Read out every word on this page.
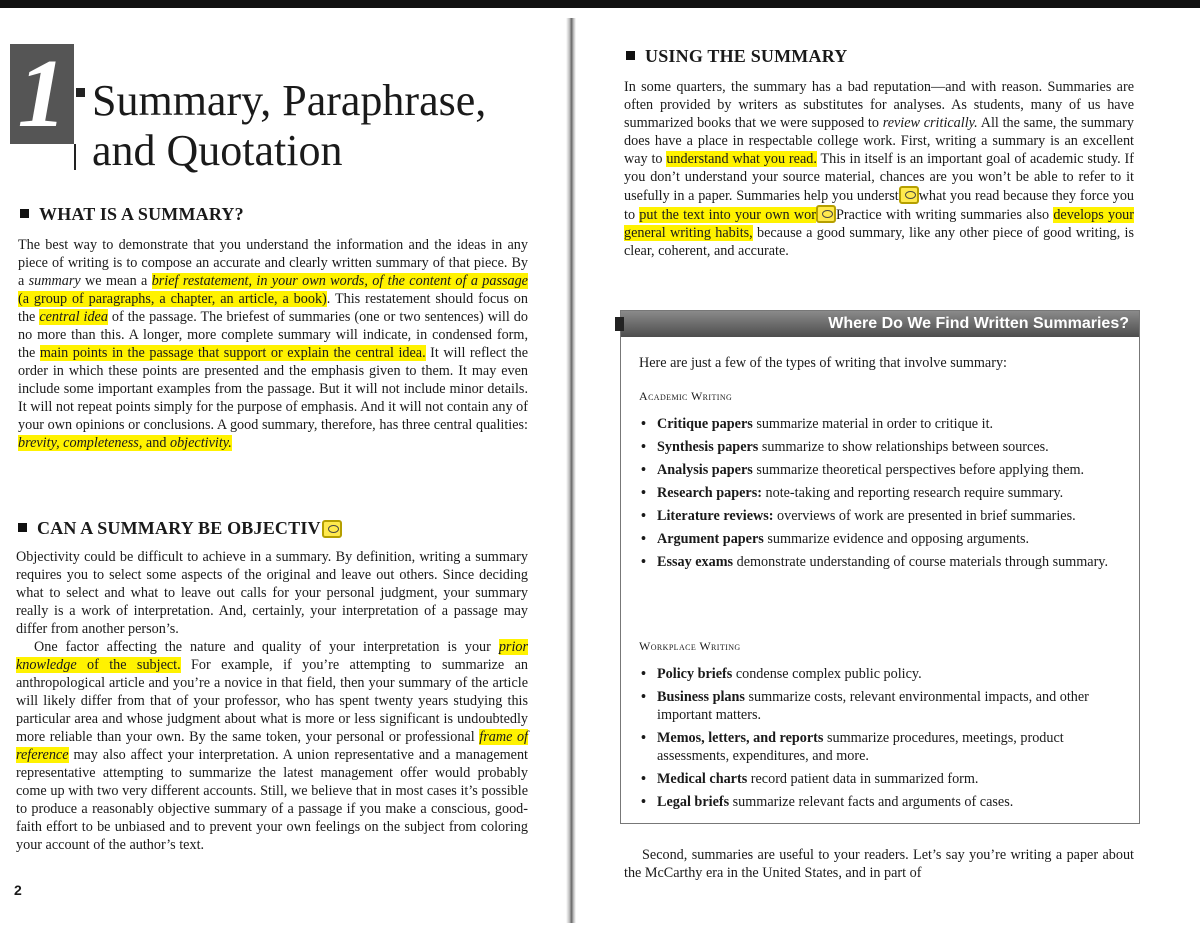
1 Summary, Paraphrase,
and Quotation
WHAT IS A SUMMARY?

The best way to demonstrate that you understand the information and the ideas in any piece of writing is to compose an accurate and clearly written summary of that piece. By a summary we mean a brief restatement, in your own words, of the content of a passage (a group of paragraphs, a chapter, an article, a book). This restatement should focus on the central idea of the passage. The briefest of summaries (one or two sentences) will do no more than this. A longer, more complete summary will indicate, in condensed form, the main points in the passage that support or explain the central idea. It will reflect the order in which these points are presented and the emphasis given to them. It may even include some important examples from the passage. But it will not include minor details. It will not repeat points simply for the purpose of emphasis. And it will not contain any of your own opinions or conclusions. A good summary, therefore, has three central qualities: brevity, completeness, and objectivity.

CAN A SUMMARY BE OBJECTIV

Objectivity could be difficult to achieve in a summary. By definition, writing a summary requires you to select some aspects of the original and leave out others. Since deciding what to select and what to leave out calls for your personal judgment, your summary really is a work of interpretation. And, certainly, your interpretation of a passage may differ from another person’s.

One factor affecting the nature and quality of your interpretation is your prior knowledge of the subject. For example, if you’re attempting to summarize an anthropological article and you’re a novice in that field, then your summary of the article will likely differ from that of your professor, who has spent twenty years studying this particular area and whose judgment about what is more or less significant is undoubtedly more reliable than your own. By the same token, your personal or professional frame of reference may also affect your interpretation. A union representative and a management representative attempting to summarize the latest management offer would probably come up with two very different accounts. Still, we believe that in most cases it’s possible to produce a reasonably objective summary of a passage if you make a conscious, good-faith effort to be unbiased and to prevent your own feelings on the subject from coloring your account of the author’s text.

2
USING THE SUMMARY

In some quarters, the summary has a bad reputation—and with reason. Summaries are often provided by writers as substitutes for analyses. As students, many of us have summarized books that we were supposed to review critically. All the same, the summary does have a place in respectable college work. First, writing a summary is an excellent way to understand what you read. This in itself is an important goal of academic study. If you don’t understand your source material, chances are you won’t be able to refer to it usefully in a paper. Summaries help you underst what you read because they force you to put the text into your own wor Practice with writing summaries also develops your general writing habits, because a good summary, like any other piece of good writing, is clear, coherent, and accurate.

Where Do We Find Written Summaries?

Here are just a few of the types of writing that involve summary:

Academic Writing

• Critique papers summarize material in order to critique it.
• Synthesis papers summarize to show relationships between sources.
• Analysis papers summarize theoretical perspectives before applying them.
• Research papers: note-taking and reporting research require summary.
• Literature reviews: overviews of work are presented in brief summaries.
• Argument papers summarize evidence and opposing arguments.
• Essay exams demonstrate understanding of course materials through summary.

Workplace Writing

• Policy briefs condense complex public policy.
• Business plans summarize costs, relevant environmental impacts, and other important matters.
• Memos, letters, and reports summarize procedures, meetings, product assessments, expenditures, and more.
• Medical charts record patient data in summarized form.
• Legal briefs summarize relevant facts and arguments of cases.

Second, summaries are useful to your readers. Let’s say you’re writing a paper about the McCarthy era in the United States, and in part of
